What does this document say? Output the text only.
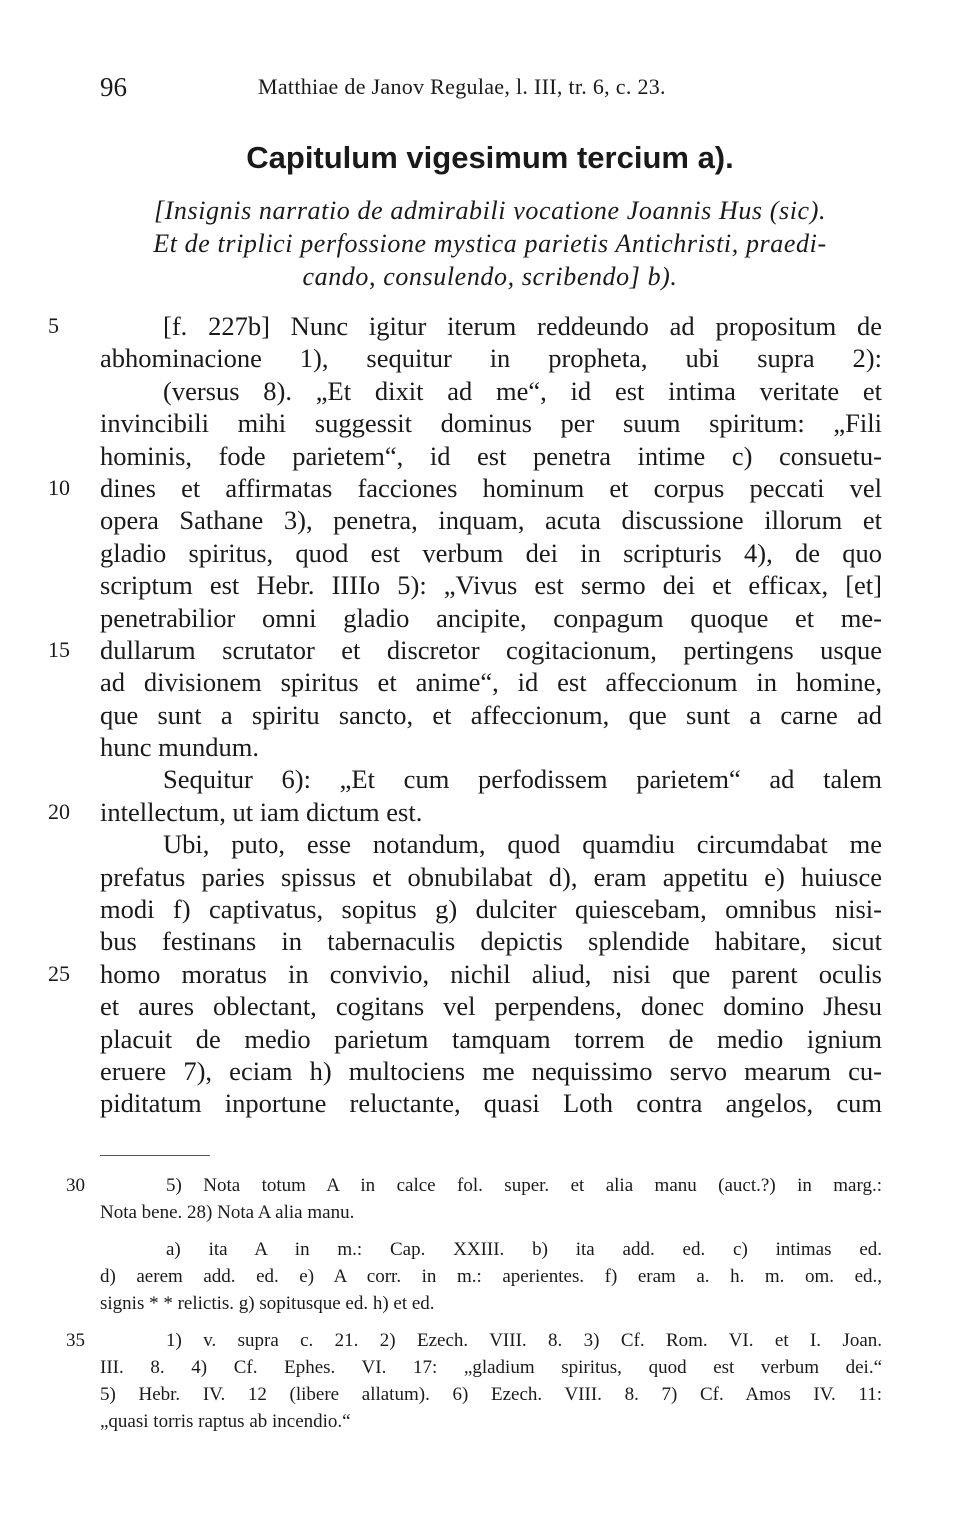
96	Matthiae de Janov Regulae, l. III, tr. 6, c. 23.
Capitulum vigesimum tercium a).
[Insignis narratio de admirabili vocatione Joannis Hus (sic).
Et de triplici perfossione mystica parietis Antichristi, praedi-
cando, consulendo, scribendo] b).
5	[f. 227b] Nunc igitur iterum reddeundo ad propositum de
abhominacione 1), sequitur in propheta, ubi supra 2):
(versus 8). „Et dixit ad me“, id est intima veritate et
invincibili mihi suggessit dominus per suum spiritum: „Fili
hominis, fode parietem“, id est penetra intime c) consuetu-
10	dines et affirmatas facciones hominum et corpus peccati vel
opera Sathane 3), penetra, inquam, acuta discussione illorum et
gladio spiritus, quod est verbum dei in scripturis 4), de quo
scriptum est Hebr. IIIIo 5): „Vivus est sermo dei et efficax, [et]
penetrabilior omni gladio ancipite, conpagum quoque et me-
15	dullarum scrutator et discretor cogitacionum, pertingens usque
ad divisionem spiritus et anime“, id est affeccionum in homine,
que sunt a spiritu sancto, et affeccionum, que sunt a carne ad
hunc mundum.
Sequitur 6): „Et cum perfodissem parietem“ ad talem
20	intellectum, ut iam dictum est.
Ubi, puto, esse notandum, quod quamdiu circumdabat me
prefatus paries spissus et obnubilabat d), eram appetitu e) huiusce
modi f) captivatus, sopitus g) dulciter quiescebam, omnibus nisi-
bus festinans in tabernaculis depictis splendide habitare, sicut
25	homo moratus in convivio, nichil aliud, nisi que parent oculis
et aures oblectant, cogitans vel perpendens, donec domino Jhesu
placuit de medio parietum tamquam torrem de medio ignium
eruere 7), eciam h) multociens me nequissimo servo mearum cu-
piditatum inportune reluctante, quasi Loth contra angelos, cum
30	5) Nota totum A in calce fol. super. et alia manu (auct.?) in marg.:
Nota bene. 28) Nota A alia manu.
a) ita A in m.: Cap. XXIII. b) ita add. ed. c) intimas ed.
d) aerem add. ed. e) A corr. in m.: aperientes. f) eram a. h. m. om. ed.,
signis * * relictis. g) sopitusque ed. h) et ed.
35	1) v. supra c. 21. 2) Ezech. VIII. 8. 3) Cf. Rom. VI. et I. Joan.
III. 8. 4) Cf. Ephes. VI. 17: „gladium spiritus, quod est verbum dei.“
5) Hebr. IV. 12 (libere allatum). 6) Ezech. VIII. 8. 7) Cf. Amos IV. 11:
„quasi torris raptus ab incendio.“
